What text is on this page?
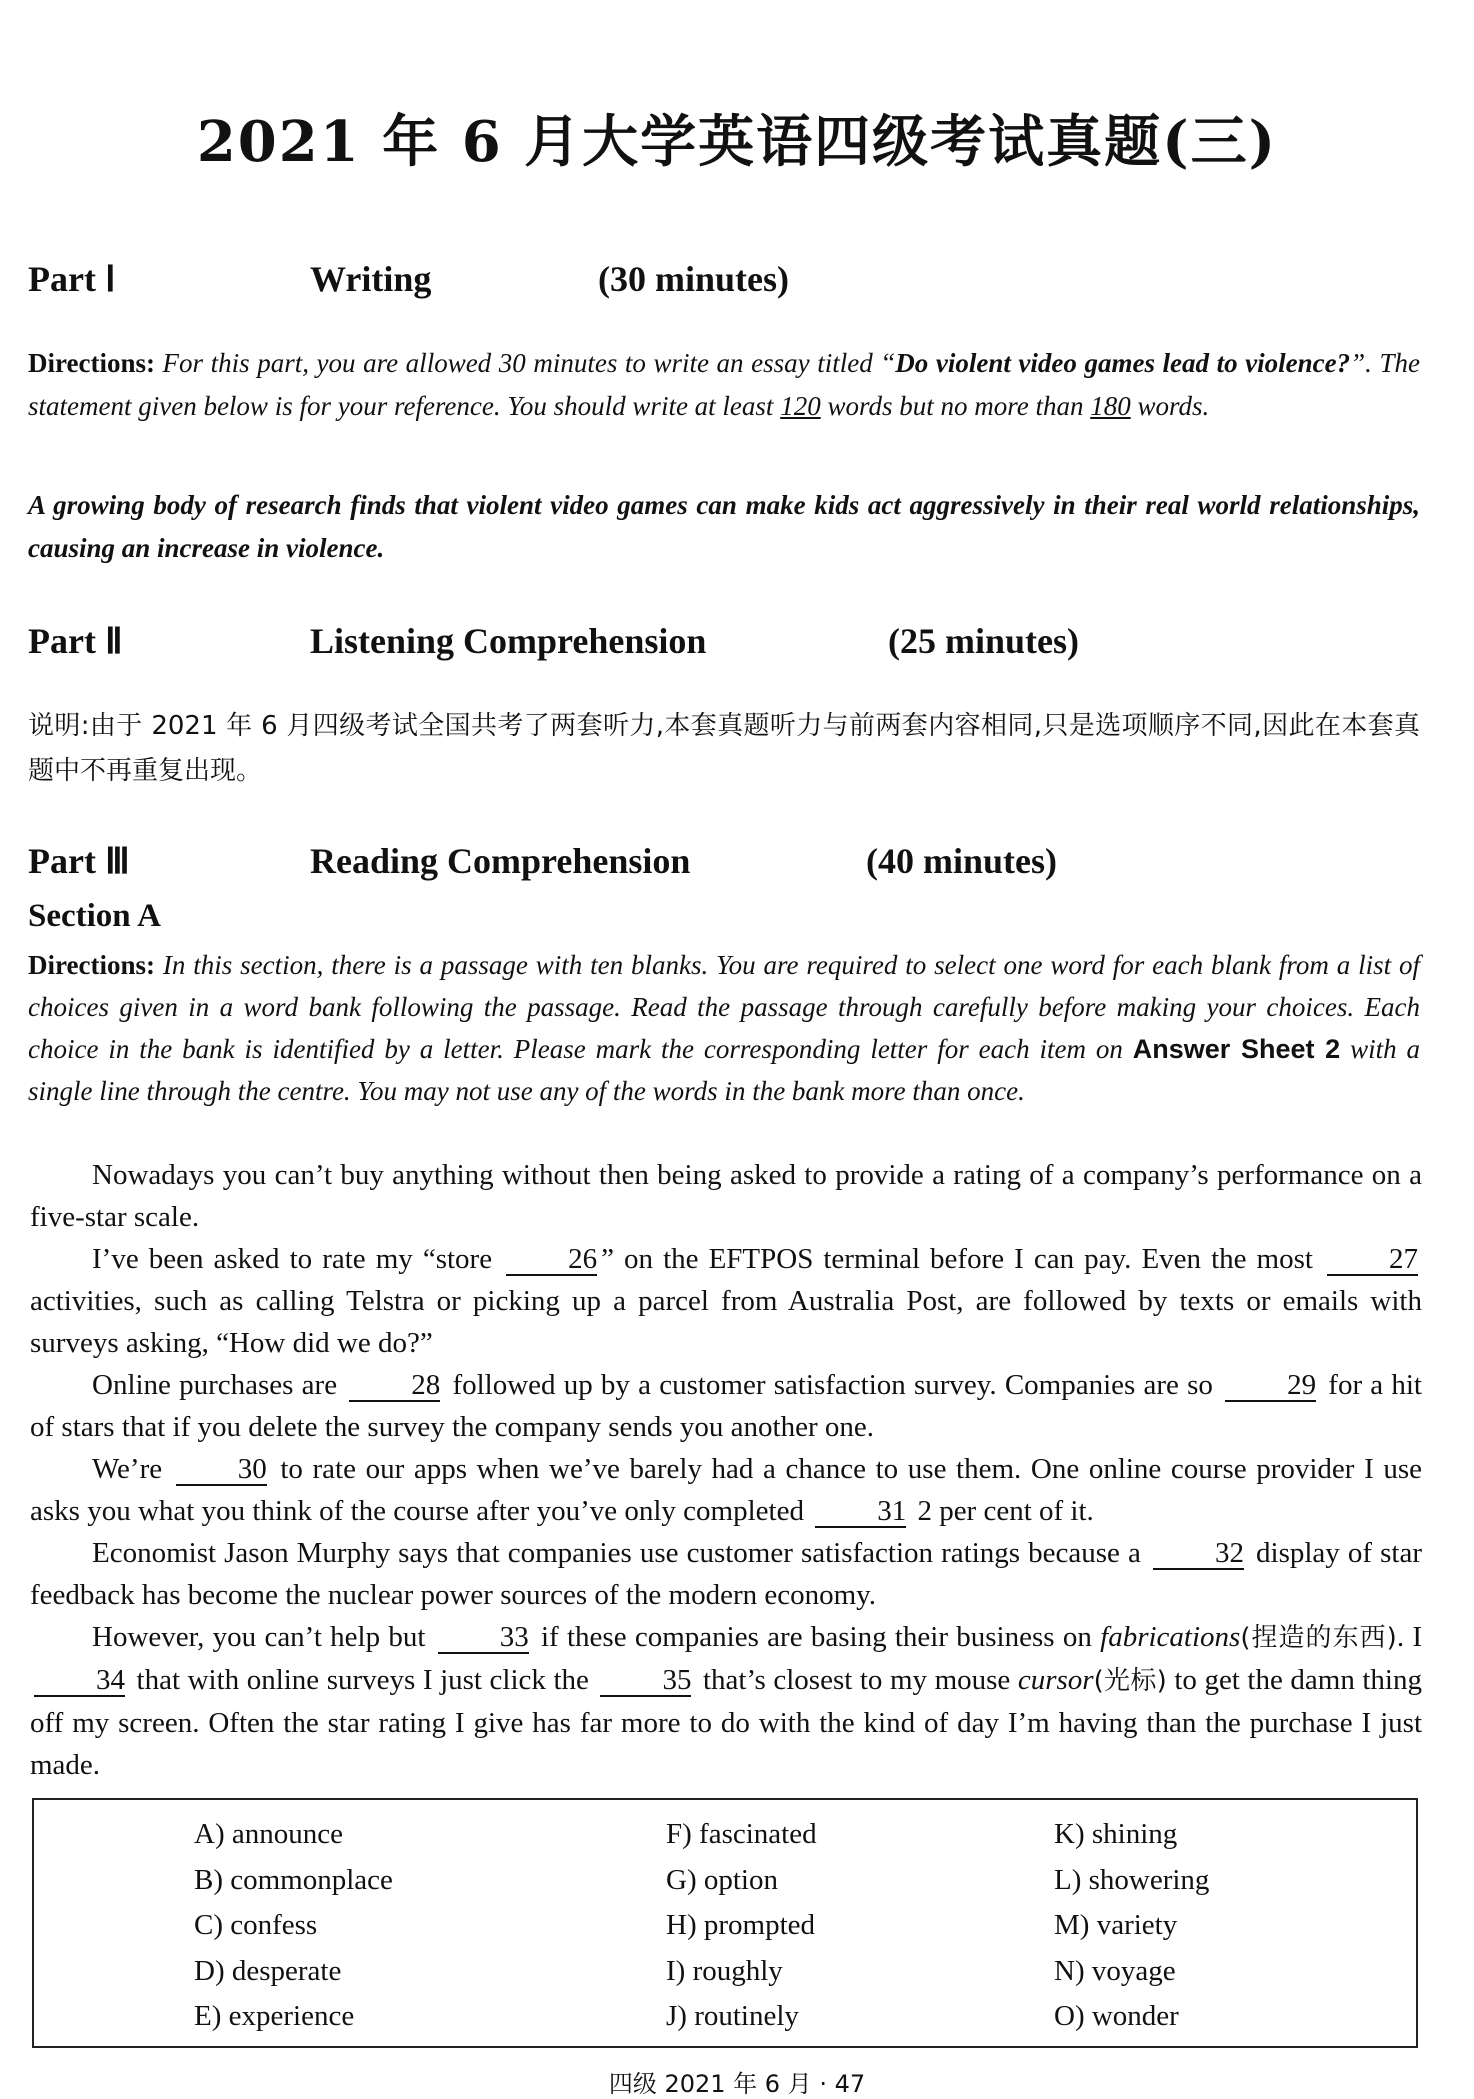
2021 年 6 月大学英语四级考试真题(三)
Part Ⅰ	Writing	(30 minutes)
Directions: For this part, you are allowed 30 minutes to write an essay titled “Do violent video games lead to violence?”. The statement given below is for your reference. You should write at least 120 words but no more than 180 words.
A growing body of research finds that violent video games can make kids act aggressively in their real world relationships, causing an increase in violence.
Part Ⅱ	Listening Comprehension	(25 minutes)
说明:由于 2021 年 6 月四级考试全国共考了两套听力,本套真题听力与前两套内容相同,只是选项顺序不同,因此在本套真题中不再重复出现。
Part Ⅲ	Reading Comprehension	(40 minutes)
Section A
Directions: In this section, there is a passage with ten blanks. You are required to select one word for each blank from a list of choices given in a word bank following the passage. Read the passage through carefully before making your choices. Each choice in the bank is identified by a letter. Please mark the corresponding letter for each item on Answer Sheet 2 with a single line through the centre. You may not use any of the words in the bank more than once.

Nowadays you can’t buy anything without then being asked to provide a rating of a company’s performance on a five-star scale.

I’ve been asked to rate my “store 26 ” on the EFTPOS terminal before I can pay. Even the most 27 activities, such as calling Telstra or picking up a parcel from Australia Post, are followed by texts or emails with surveys asking, “How did we do?”

Online purchases are 28 followed up by a customer satisfaction survey. Companies are so 29 for a hit of stars that if you delete the survey the company sends you another one.

We’re 30 to rate our apps when we’ve barely had a chance to use them. One online course provider I use asks you what you think of the course after you’ve only completed 31 2 per cent of it.

Economist Jason Murphy says that companies use customer satisfaction ratings because a 32 display of star feedback has become the nuclear power sources of the modern economy.

However, you can’t help but 33 if these companies are basing their business on fabrications(捏造的东西). I 34 that with online surveys I just click the 35 that’s closest to my mouse cursor(光标) to get the damn thing off my screen. Often the star rating I give has far more to do with the kind of day I’m having than the purchase I just made.

A) announce
B) commonplace
C) confess
D) desperate
E) experience
F) fascinated
G) option
H) prompted
I) roughly
J) routinely
K) shining
L) showering
M) variety
N) voyage
O) wonder
四级 2021 年 6 月 · 47
